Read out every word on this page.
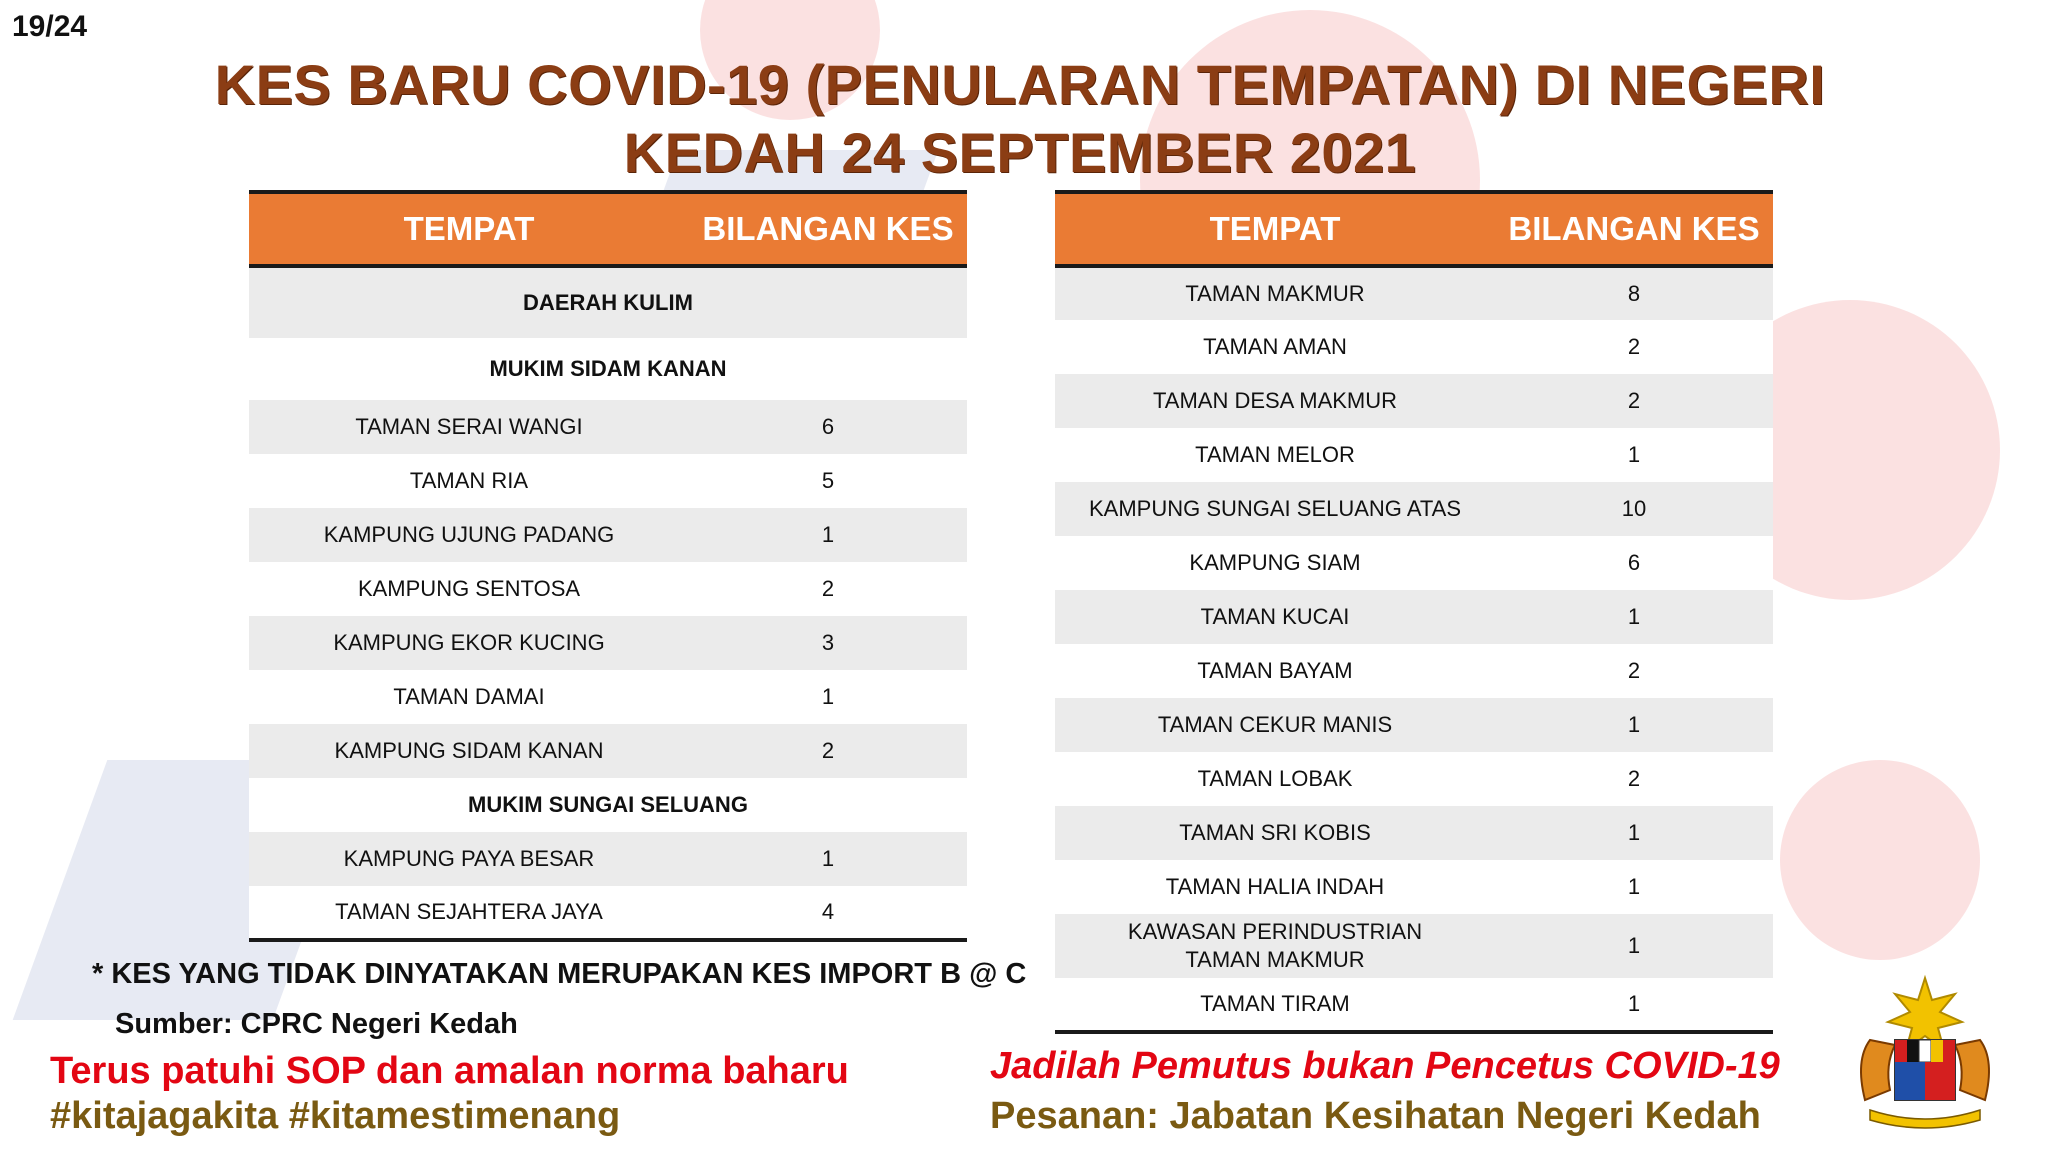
19/24
KES BARU COVID-19 (PENULARAN TEMPATAN) DI NEGERI
KEDAH 24 SEPTEMBER 2021
TEMPAT	BILANGAN KES
DAERAH KULIM	
MUKIM SIDAM KANAN	
TAMAN SERAI WANGI	6
TAMAN RIA	5
KAMPUNG UJUNG PADANG	1
KAMPUNG SENTOSA	2
KAMPUNG EKOR KUCING	3
TAMAN DAMAI	1
KAMPUNG SIDAM KANAN	2
MUKIM SUNGAI SELUANG	
KAMPUNG PAYA BESAR	1
TAMAN SEJAHTERA JAYA	4
TEMPAT	BILANGAN KES
TAMAN MAKMUR	8
TAMAN AMAN	2
TAMAN DESA MAKMUR	2
TAMAN MELOR	1
KAMPUNG SUNGAI SELUANG ATAS	10
KAMPUNG SIAM	6
TAMAN KUCAI	1
TAMAN BAYAM	2
TAMAN CEKUR MANIS	1
TAMAN LOBAK	2
TAMAN SRI KOBIS	1
TAMAN HALIA INDAH	1
KAWASAN PERINDUSTRIAN TAMAN MAKMUR	1
TAMAN TIRAM	1
* KES YANG TIDAK DINYATAKAN MERUPAKAN KES IMPORT B @ C
Sumber: CPRC Negeri Kedah
Terus patuhi SOP dan amalan norma baharu
#kitajagakita #kitamestimenang
Jadilah Pemutus bukan Pencetus COVID-19
Pesanan: Jabatan Kesihatan Negeri Kedah
